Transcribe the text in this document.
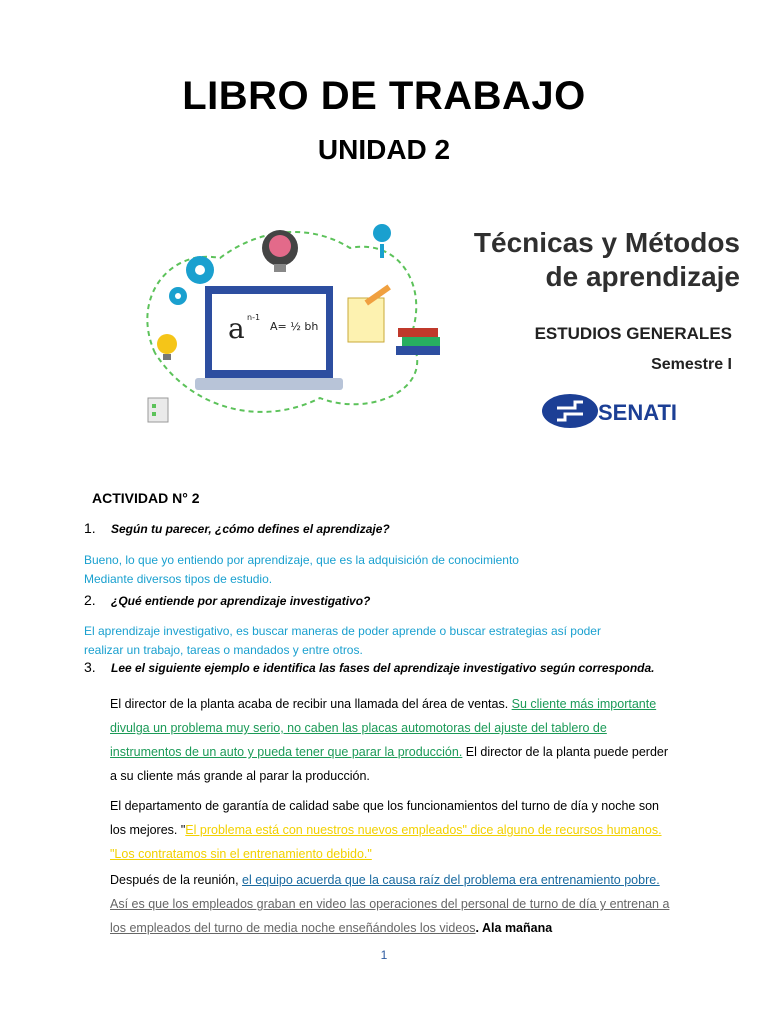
LIBRO DE TRABAJO
UNIDAD 2
a n-1
A= ½ bh
Técnicas y Métodos
de aprendizaje
ESTUDIOS GENERALES
Semestre I
SENATI
ACTIVIDAD N° 2
1. Según tu parecer, ¿cómo defines el aprendizaje?
Bueno, lo que yo entiendo por aprendizaje, que es la adquisición de conocimiento
Mediante diversos tipos de estudio.
2. ¿Qué entiende por aprendizaje investigativo?
El aprendizaje investigativo, es buscar maneras de poder aprende o buscar estrategias así poder
realizar un trabajo, tareas o mandados y entre otros.
3. Lee el siguiente ejemplo e identifica las fases del aprendizaje investigativo según corresponda.
El director de la planta acaba de recibir una llamada del área de ventas. Su cliente más importante divulga un problema muy serio, no caben las placas automotoras del ajuste del tablero de instrumentos de un auto y pueda tener que parar la producción. El director de la planta puede perder a su cliente más grande al parar la producción.
El departamento de garantía de calidad sabe que los funcionamientos del turno de día y noche son los mejores. "El problema está con nuestros nuevos empleados" dice alguno de recursos humanos. "Los contratamos sin el entrenamiento debido."
Después de la reunión, el equipo acuerda que la causa raíz del problema era entrenamiento pobre. Así es que los empleados graban en video las operaciones del personal de turno de día y entrenan a los empleados del turno de media noche enseñándoles los videos. Ala mañana
1
